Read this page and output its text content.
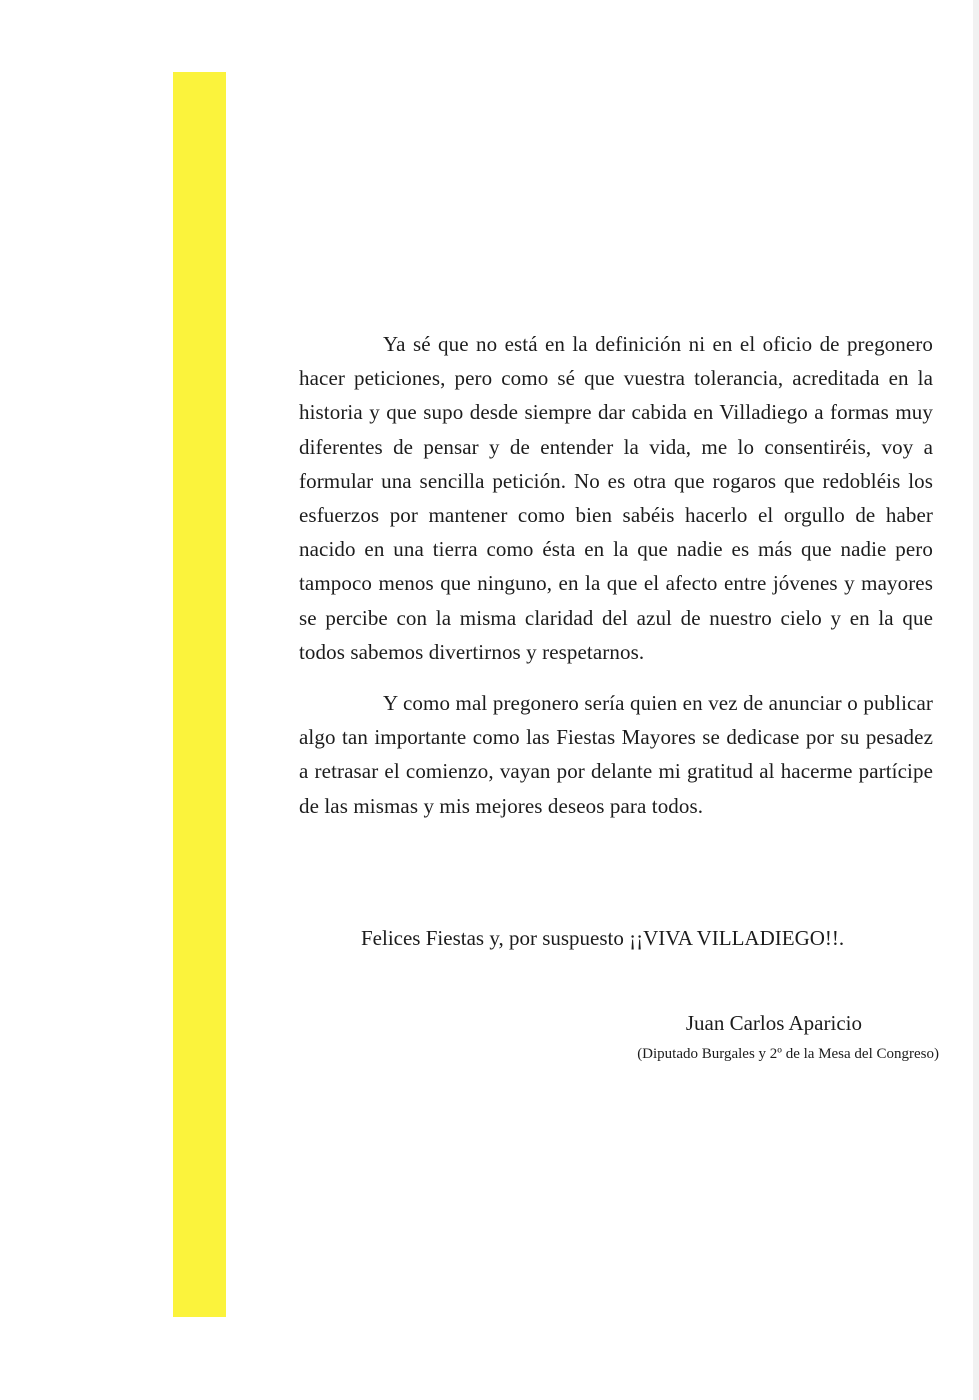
Ya sé que no está en la definición ni en el oficio de pregonero hacer peticiones, pero como sé que vuestra tolerancia, acreditada en la historia y que supo desde siempre dar cabida en Villadiego a formas muy diferentes de pensar y de entender la vida, me lo consentiréis, voy a formular una sencilla petición. No es otra que rogaros que redobléis los esfuerzos por mantener como bien sabéis hacerlo el orgullo de haber nacido en una tierra como ésta en la que nadie es más que nadie pero tampoco menos que ninguno, en la que el afecto entre jóvenes y mayores se percibe con la misma claridad del azul de nuestro cielo y en la que todos sabemos divertirnos y respetarnos.

Y como mal pregonero sería quien en vez de anunciar o publicar algo tan importante como las Fiestas Mayores se dedicase por su pesadez a retrasar el comienzo, vayan por delante mi gratitud al hacerme partícipe de las mismas y mis mejores deseos para todos.

Felices Fiestas y, por suspuesto ¡¡VIVA VILLADIEGO!!.

Juan Carlos Aparicio
(Diputado Burgales y 2º de la Mesa del Congreso)
